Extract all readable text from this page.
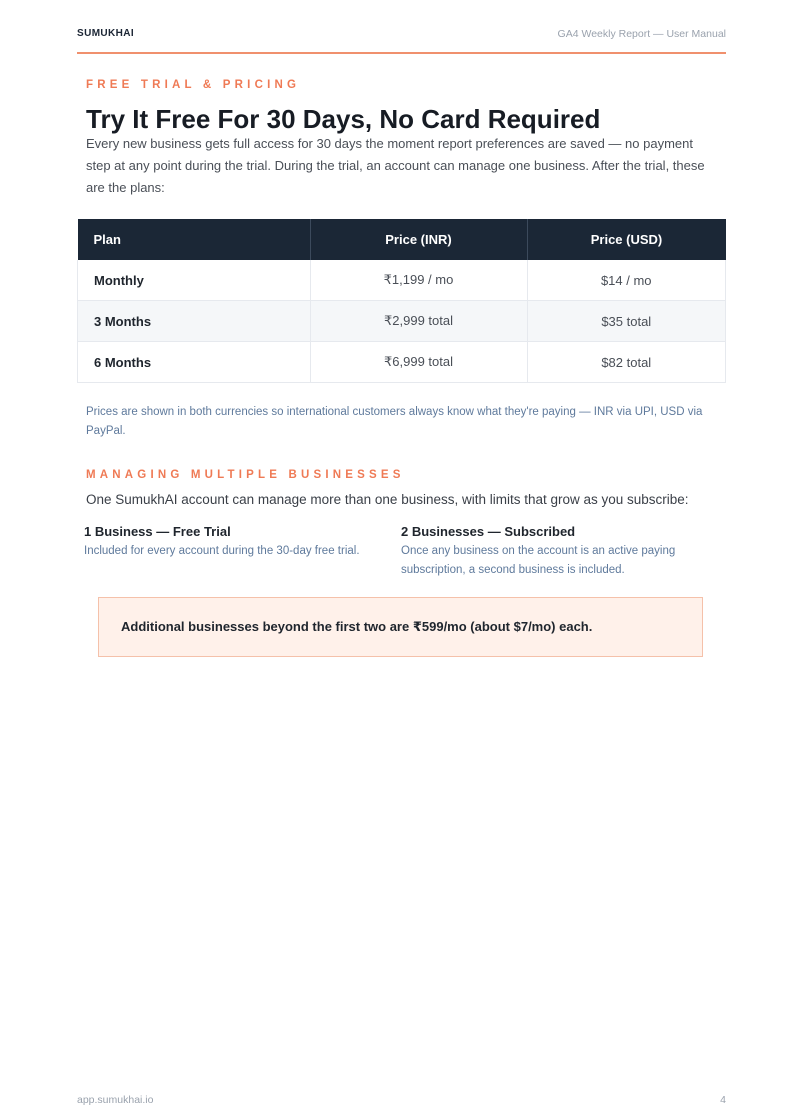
SUMUKHAI	GA4 Weekly Report — User Manual
FREE TRIAL & PRICING
Try It Free For 30 Days, No Card Required

Every new business gets full access for 30 days the moment report preferences are saved — no payment step at any point during the trial. During the trial, an account can manage one business. After the trial, these are the plans:

Plan	Price (INR)	Price (USD)
Monthly	₹1,199 / mo	$14 / mo
3 Months	₹2,999 total	$35 total
6 Months	₹6,999 total	$82 total

Prices are shown in both currencies so international customers always know what they're paying — INR via UPI, USD via PayPal.

MANAGING MULTIPLE BUSINESSES

One SumukhAI account can manage more than one business, with limits that grow as you subscribe:

1 Business — Free Trial

Included for every account during the 30-day free trial.

2 Businesses — Subscribed

Once any business on the account is an active paying subscription, a second business is included.

Additional businesses beyond the first two are ₹599/mo (about $7/mo) each.
app.sumukhai.io	4
